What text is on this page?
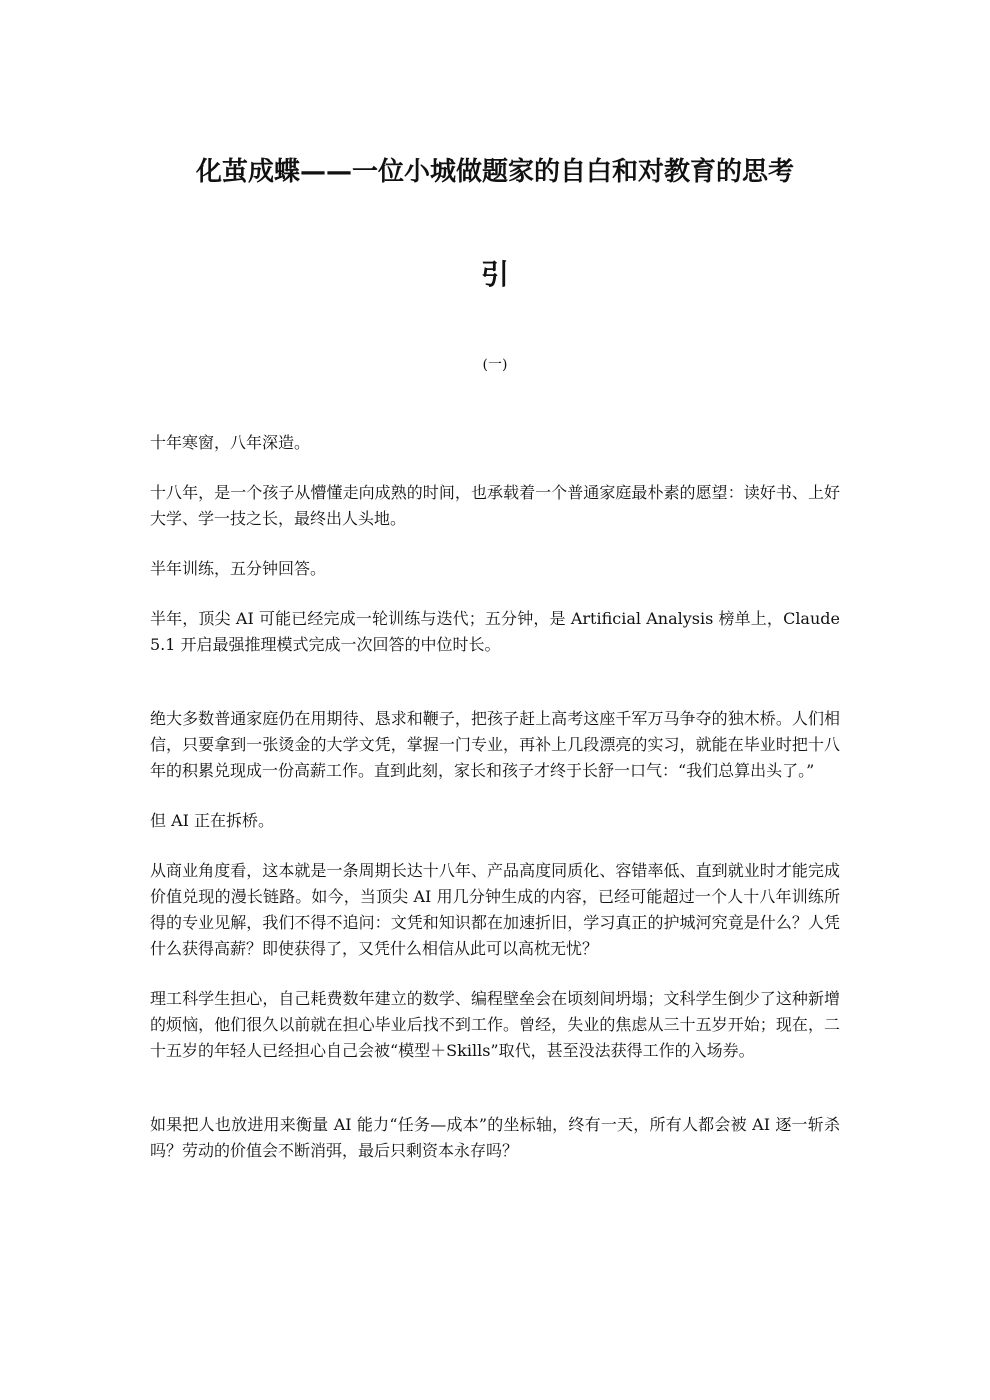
化茧成蝶——一位小城做题家的自白和对教育的思考
引

(一)

十年寒窗，八年深造。

十八年，是一个孩子从懵懂走向成熟的时间，也承载着一个普通家庭最朴素的愿望：读好书、上好大学、学一技之长，最终出人头地。

半年训练，五分钟回答。

半年，顶尖 AI 可能已经完成一轮训练与迭代；五分钟，是 Artificial Analysis 榜单上，Claude 5.1 开启最强推理模式完成一次回答的中位时长。

绝大多数普通家庭仍在用期待、恳求和鞭子，把孩子赶上高考这座千军万马争夺的独木桥。人们相信，只要拿到一张烫金的大学文凭，掌握一门专业，再补上几段漂亮的实习，就能在毕业时把十八年的积累兑现成一份高薪工作。直到此刻，家长和孩子才终于长舒一口气：“我们总算出头了。”

但 AI 正在拆桥。

从商业角度看，这本就是一条周期长达十八年、产品高度同质化、容错率低、直到就业时才能完成价值兑现的漫长链路。如今，当顶尖 AI 用几分钟生成的内容，已经可能超过一个人十八年训练所得的专业见解，我们不得不追问：文凭和知识都在加速折旧，学习真正的护城河究竟是什么？人凭什么获得高薪？即使获得了，又凭什么相信从此可以高枕无忧？

理工科学生担心，自己耗费数年建立的数学、编程壁垒会在顷刻间坍塌；文科学生倒少了这种新增的烦恼，他们很久以前就在担心毕业后找不到工作。曾经，失业的焦虑从三十五岁开始；现在，二十五岁的年轻人已经担心自己会被“模型＋Skills”取代，甚至没法获得工作的入场券。

如果把人也放进用来衡量 AI 能力“任务—成本”的坐标轴，终有一天，所有人都会被 AI 逐一斩杀吗？劳动的价值会不断消弭，最后只剩资本永存吗？
